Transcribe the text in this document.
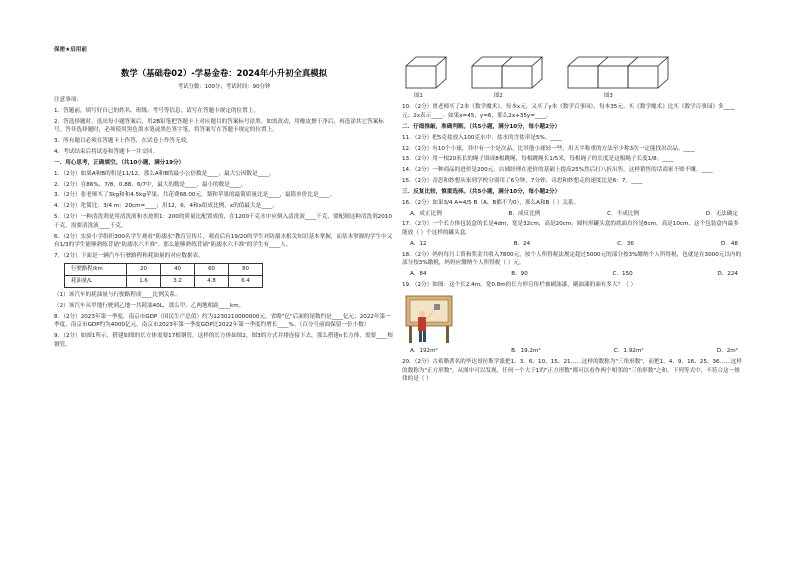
保密★启用前
数学（基础卷02）-学易金卷：2024年小升初全真模拟
考试分数：100分；考试时间：90分钟

注意事项：

1．答题前，填写好自己的姓名、班级、考号等信息，请写在答题卡规定的位置上。

2．答选择题时，选出每小题答案后，用2B铅笔把答题卡上对应题目的答案标号涂黑。如需改动，用橡皮擦干净后，再选涂其它答案标号。答非选择题时，必须使用黑色墨水笔或黑色签字笔，将答案写在答题卡规定的位置上。

3．所有题目必须在答题卡上作答，在试卷上作答无效。

4．考试结束后将试卷和答题卡一并交回。

一．用心思考，正确填空。（共10小题，满分19分）

1．（2分）如果A和B的积是11/12，那么A和B的最小公倍数是____，最大公因数是____。

2．（2分）在86%，7/8，0.88，6/7中，最大的数是____，最小的数是____。

3．（2分）张老师买了3kg和和4.5kg苹果，共花费68.00元，梨和苹果的最简质量比是____，最简单价比是____。

4．（2分）化简比：3/4 m：20cm=____；用12，6，4和x组成比例，x的值最大是____。

5．（2分）一种清洗剂是用清洗液和水按照1：200的质量比配置成的，在1200千克水中应倒入清洗液____千克，要配制这种清洗剂2010千克，需要清洗液____千克。

6．（2分）实验小学组织300名学生观看"防溺水"教育宣传片，观看后有19/20的学生对防溺水相关知识基本掌握，而基本掌握的学生中又有1/3的学生能够熟练背诵"防溺水六不准"。那么能够熟练背诵"防溺水六不准"的学生有____人。

7．（2分）下面是一辆汽车行驶路程和耗油量的对应数据表。

行驶路程/km	20	40	60	80
耗油量/L	1.6	3.2	4.8	6.4

（1）该汽车的耗油量与行驶路程成____比例关系。

（2）该汽车从甲地行驶到乙地一共耗油40L，那么甲、乙两地相距____km。

8．（2分）2023年第一季度，南京市GDP（国民生产总值）约为1230210000000元，省略"亿"后面的尾数约是____亿元；2022年第一季度，南京市GDP约为4000亿元，南京市2023年第一季度GDP比2022年第一季度约增长____%。（百分号前面保留一位小数）

9．（2分）如图1所示，搭建如图的长方体需要17根钢管，这样的长方体如图2，图3的方式并排连接下去，那么搭建n长方体，需要____根钢管。

图1	图2	图3

10．（2分）贾老师买了2本《数学魔术》，每本x元，又买了y本《数学百事园》，每本35元。买《数学魔术》比买《数学百事园》多____元；2x表示____。如果x=45，y=6，那么2x+35y=____。

二．仔细推敲，准确判断。（共5小题，满分10分，每小题2分）

11．（2分）把5克盐放入100克水中，盐水的含盐率是5%。____

12．（2分）有10个小球，其中有一个是次品，比其他小球轻一些，用天平称重的方法至少称3次一定能找出次品。____

13．（2分）用一根20米长的绳子围成8根跳绳，每根跳绳长1/5米，每根绳子的长度是这根绳子长度1/8。____

14．（2分）一种商品的进价是200元，店铺经理在进价的基础上提高25%然后打八折出售，这样销售的话商家不赔不赚。____

15．（2分）奇思和妙想从家到学校分别用了6分钟、7分钟，奇思和妙想走的速度比是6：7。____

三．反复比较，慎重选择。（共5小题，满分10分，每小题2分）

16．（2分）如果3/4 A=4/5 B（A、B都不为0），那么A和B（ ）关系。

A．成正比例	B．成反比例	C．不成比例	D．无法确定

17．（2分）一个长方体包装盒的长是4dm，宽是32cm，高是20cm。圆柱形罐头盒的底面直径是8cm，高是10cm，这个包装盒内最多能放（ ）个这样的罐头盒。

A．12	B．24	C．36	D．48

18．（2分）妈妈每月工资和奖金共收入7800元，按个人所得税法规定超过5000元的部分按3%缴纳个人所得税，也就是在3000元以内的部分按3%缴税，妈妈应缴纳个人所得税（ ）元。

A．84	B．90	C．150	D．224

19．（2分）如图：这个长2.4m，宽0.8m的长方形宣传栏被刷油漆，刷油漆的面有多大？（ ）

A．192m²	B．19.2m²	C．1.92m²	D．2m²

20．（2分）古希腊著名的毕达哥拉斯学派把1、3、6、10、15、21……这样的数称为"三角形数"，而把1、4、9、16、25、36……这样的数称为"正方形数"。从图中可以发现，任何一个大于1的"正方形数"都可以看作两个相邻的"三角形数"之和，下列等式中，不符合这一规律的是（ ）
